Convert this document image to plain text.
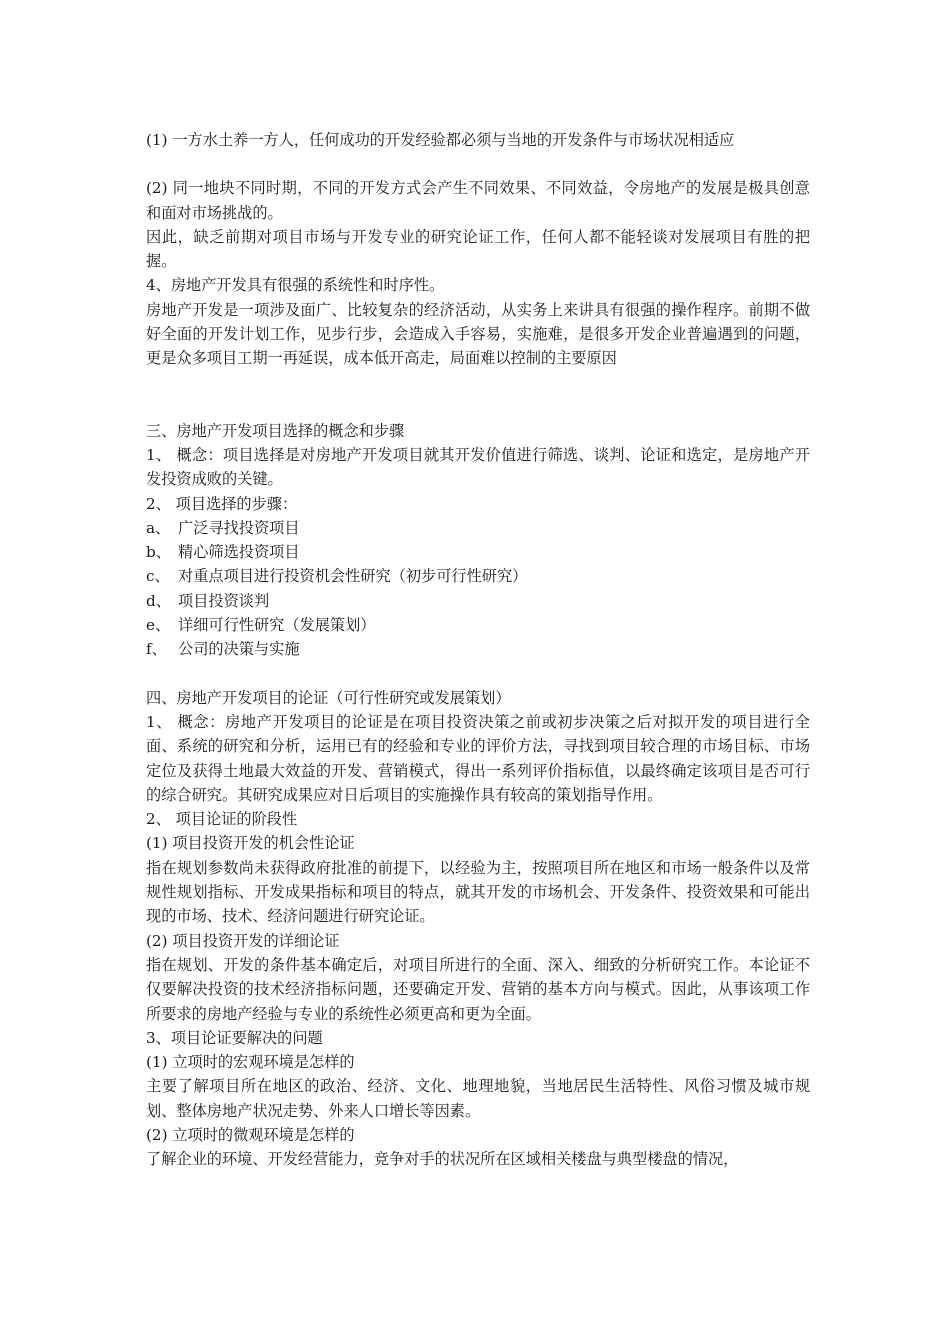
(1) 一方水土养一方人，任何成功的开发经验都必须与当地的开发条件与市场状况相适应

(2) 同一地块不同时期，不同的开发方式会产生不同效果、不同效益，令房地产的发展是极具创意和面对市场挑战的。

因此，缺乏前期对项目市场与开发专业的研究论证工作，任何人都不能轻谈对发展项目有胜的把握。

4、房地产开发具有很强的系统性和时序性。

房地产开发是一项涉及面广、比较复杂的经济活动，从实务上来讲具有很强的操作程序。前期不做好全面的开发计划工作，见步行步，会造成入手容易，实施难，是很多开发企业普遍遇到的问题，更是众多项目工期一再延误，成本低开高走，局面难以控制的主要原因

三、房地产开发项目选择的概念和步骤

1、 概念：项目选择是对房地产开发项目就其开发价值进行筛选、谈判、论证和选定，是房地产开发投资成败的关键。

2、 项目选择的步骤：

a、 广泛寻找投资项目
b、 精心筛选投资项目
c、 对重点项目进行投资机会性研究（初步可行性研究）
d、 项目投资谈判
e、 详细可行性研究（发展策划）
f、 公司的决策与实施

四、房地产开发项目的论证（可行性研究或发展策划）

1、 概念：房地产开发项目的论证是在项目投资决策之前或初步决策之后对拟开发的项目进行全面、系统的研究和分析，运用已有的经验和专业的评价方法，寻找到项目较合理的市场目标、市场定位及获得土地最大效益的开发、营销模式，得出一系列评价指标值，以最终确定该项目是否可行的综合研究。其研究成果应对日后项目的实施操作具有较高的策划指导作用。

2、 项目论证的阶段性

(1) 项目投资开发的机会性论证

指在规划参数尚未获得政府批准的前提下，以经验为主，按照项目所在地区和市场一般条件以及常规性规划指标、开发成果指标和项目的特点，就其开发的市场机会、开发条件、投资效果和可能出现的市场、技术、经济问题进行研究论证。

(2) 项目投资开发的详细论证

指在规划、开发的条件基本确定后，对项目所进行的全面、深入、细致的分析研究工作。本论证不仅要解决投资的技术经济指标问题，还要确定开发、营销的基本方向与模式。因此，从事该项工作所要求的房地产经验与专业的系统性必须更高和更为全面。

3、项目论证要解决的问题

(1) 立项时的宏观环境是怎样的

主要了解项目所在地区的政治、经济、文化、地理地貌，当地居民生活特性、风俗习惯及城市规划、整体房地产状况走势、外来人口增长等因素。

(2) 立项时的微观环境是怎样的

了解企业的环境、开发经营能力，竞争对手的状况所在区域相关楼盘与典型楼盘的情况，
